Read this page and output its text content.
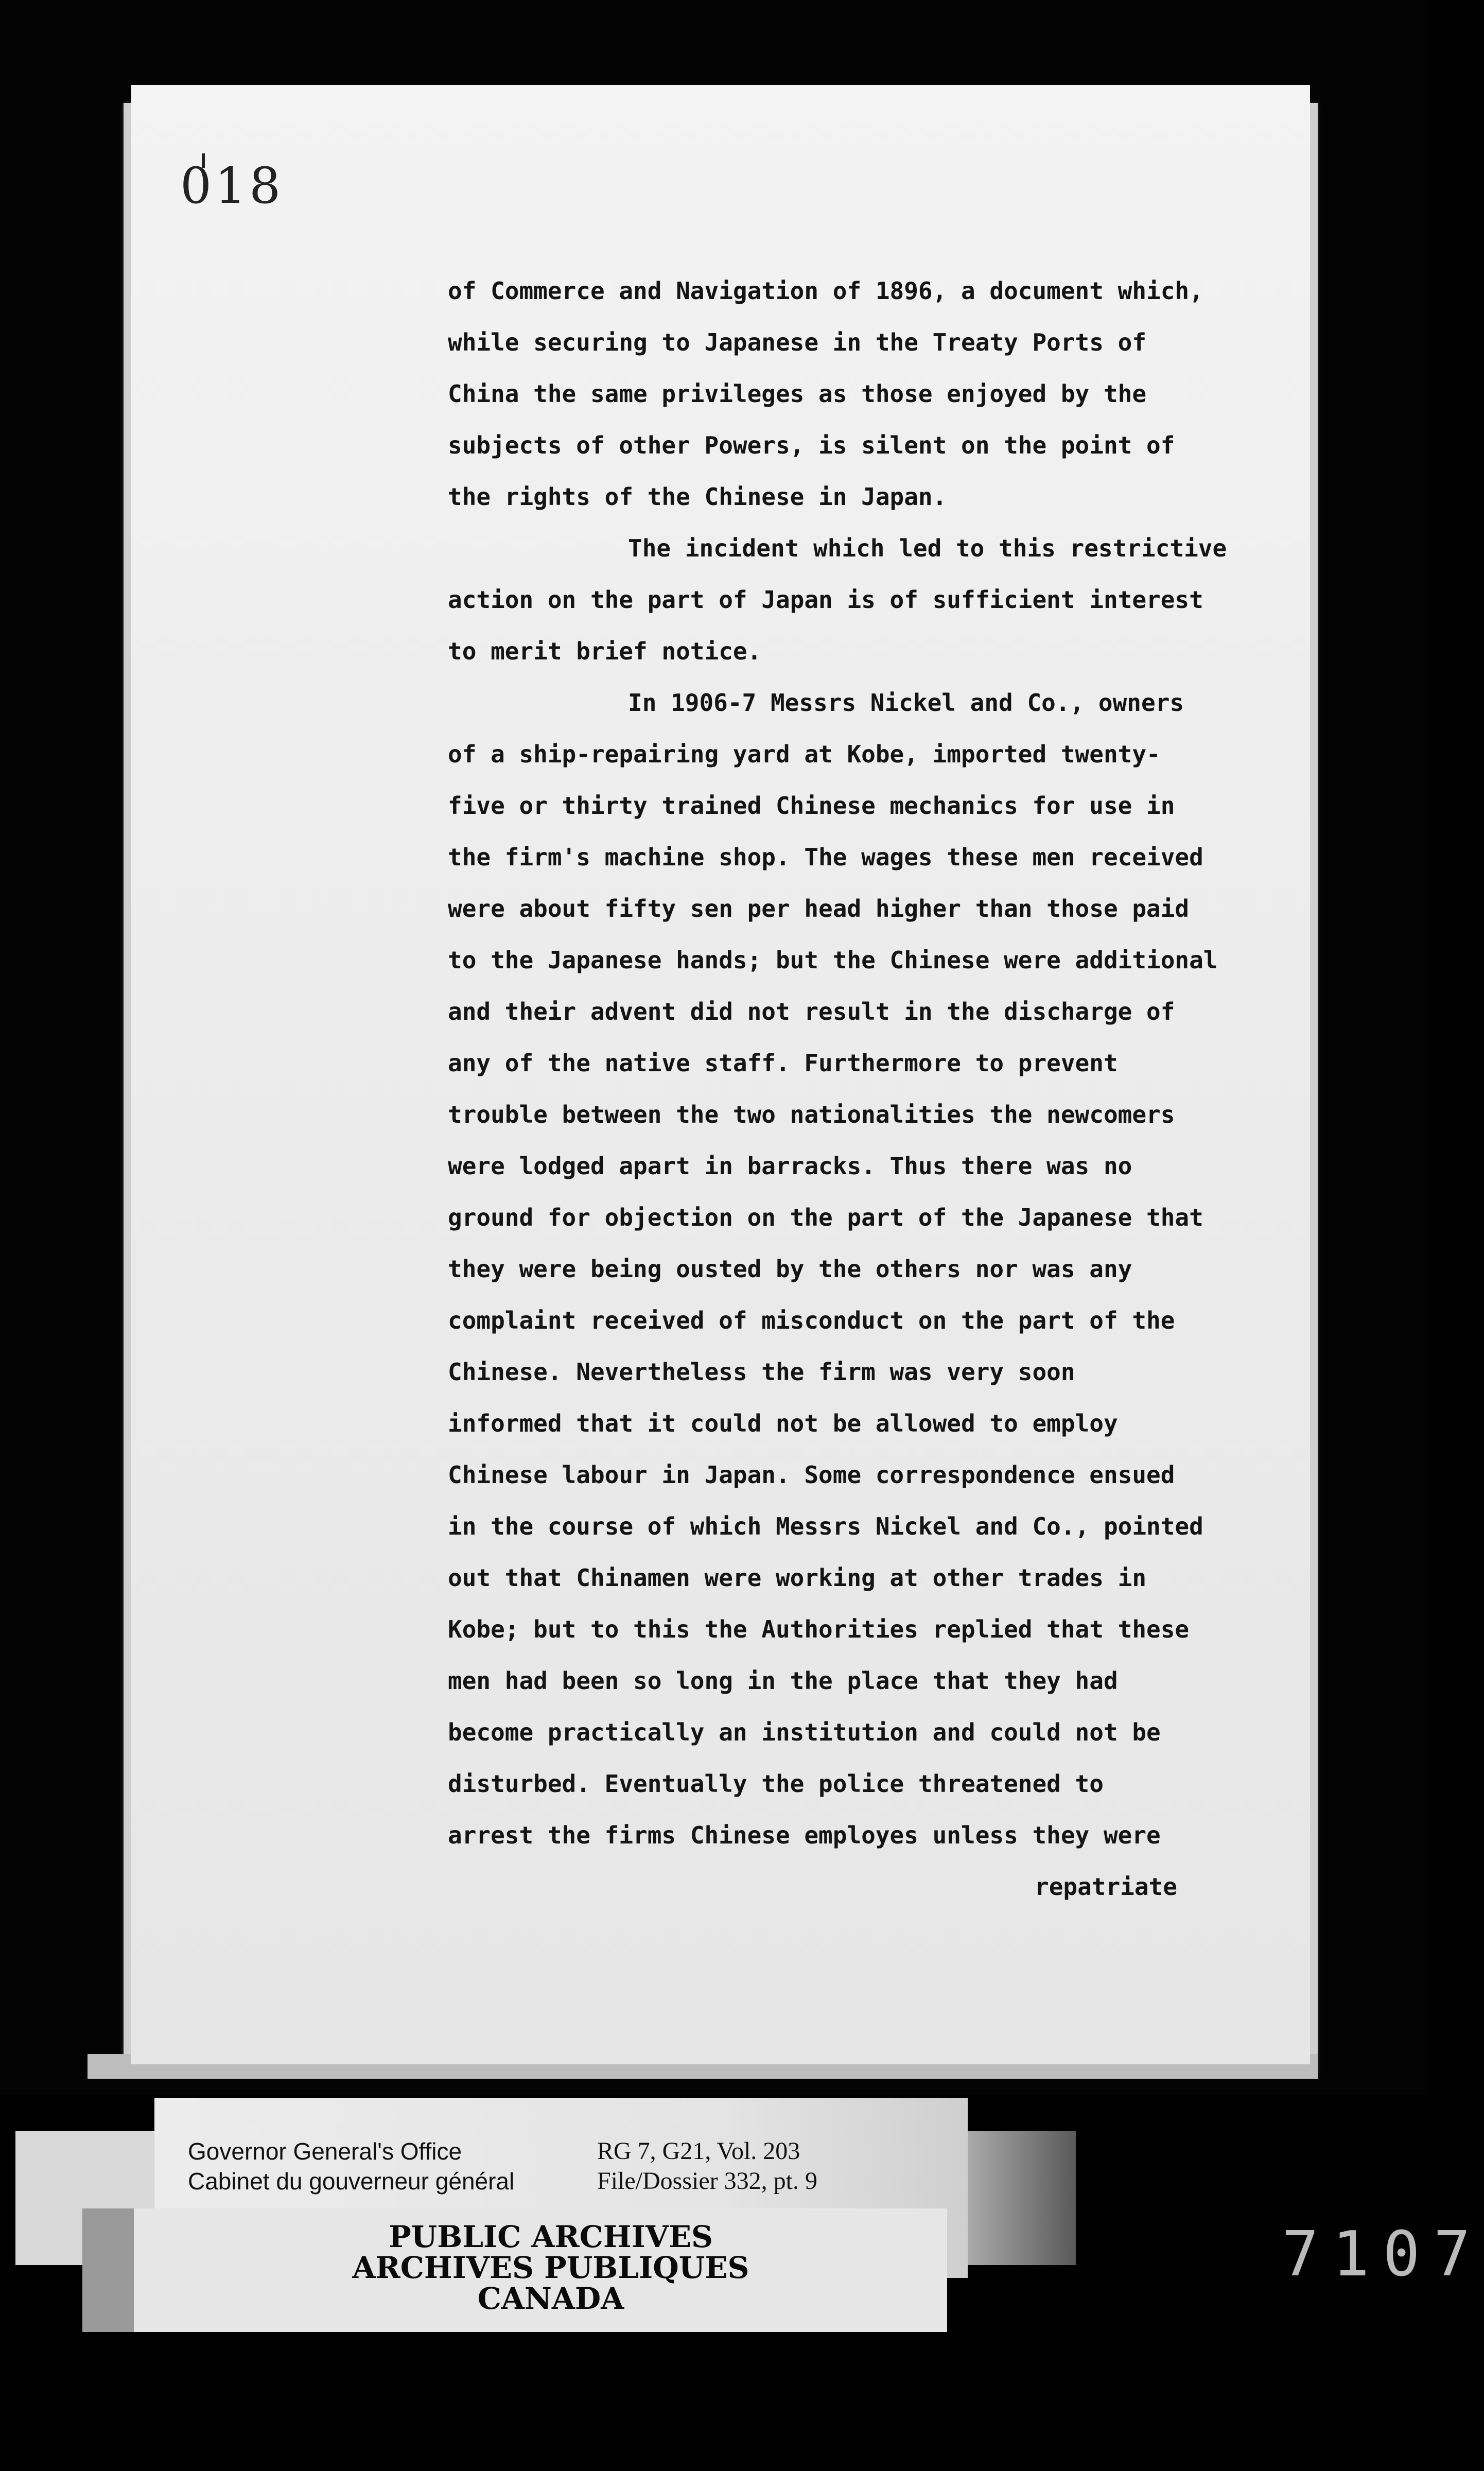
018
of Commerce and Navigation of 1896, a document which,
while securing to Japanese in the Treaty Ports of
China the same privileges as those enjoyed by the
subjects of other Powers, is silent on the point of
the rights of the Chinese in Japan.
The incident which led to this restrictive
action on the part of Japan is of sufficient interest
to merit brief notice.
In 1906-7 Messrs Nickel and Co., owners
of a ship-repairing yard at Kobe, imported twenty-
five or thirty trained Chinese mechanics for use in
the firm's machine shop. The wages these men received
were about fifty sen per head higher than those paid
to the Japanese hands; but the Chinese were additional
and their advent did not result in the discharge of
any of the native staff. Furthermore to prevent
trouble between the two nationalities the newcomers
were lodged apart in barracks. Thus there was no
ground for objection on the part of the Japanese that
they were being ousted by the others nor was any
complaint received of misconduct on the part of the
Chinese. Nevertheless the firm was very soon
informed that it could not be allowed to employ
Chinese labour in Japan. Some correspondence ensued
in the course of which Messrs Nickel and Co., pointed
out that Chinamen were working at other trades in
Kobe; but to this the Authorities replied that these
men had been so long in the place that they had
become practically an institution and could not be
disturbed. Eventually the police threatened to
arrest the firms Chinese employes unless they were
repatriate
Governor General's Office
Cabinet du gouverneur général
RG 7, G21, Vol. 203
File/Dossier 332, pt. 9
PUBLIC ARCHIVES
ARCHIVES PUBLIQUES
CANADA
7107
